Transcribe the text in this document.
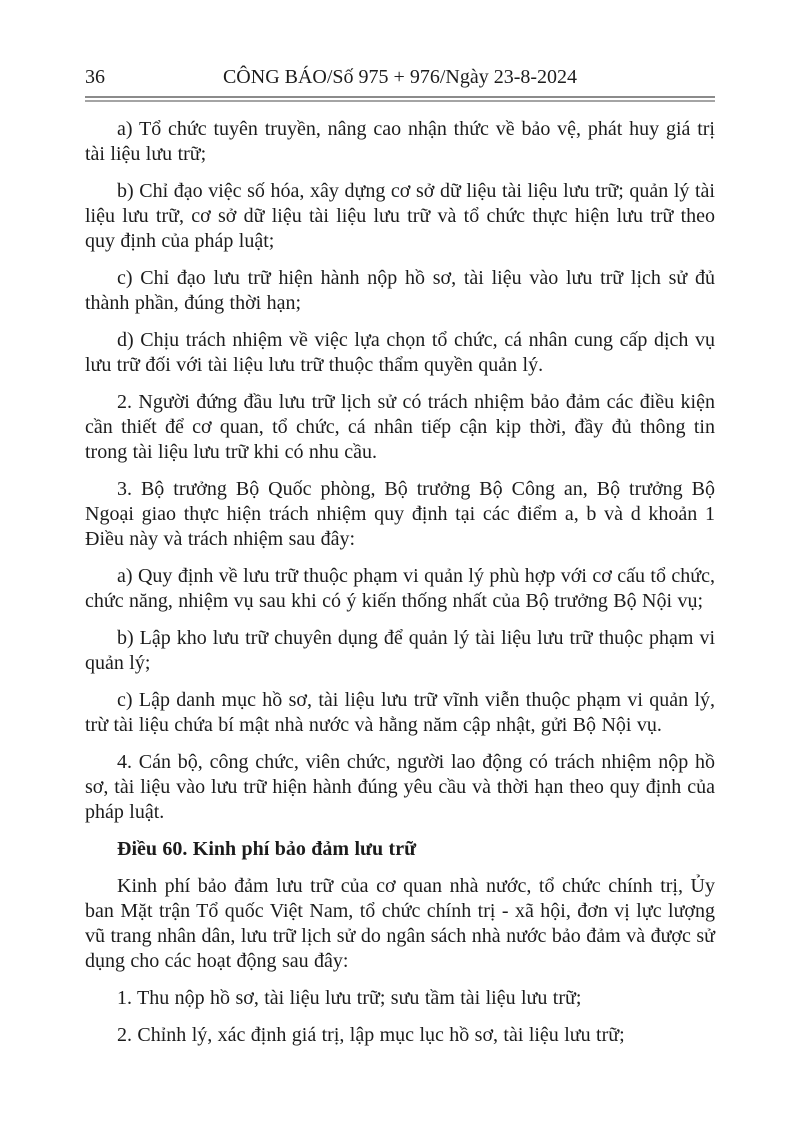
36	CÔNG BÁO/Số 975 + 976/Ngày 23-8-2024

a) Tổ chức tuyên truyền, nâng cao nhận thức về bảo vệ, phát huy giá trị tài liệu lưu trữ;

b) Chỉ đạo việc số hóa, xây dựng cơ sở dữ liệu tài liệu lưu trữ; quản lý tài liệu lưu trữ, cơ sở dữ liệu tài liệu lưu trữ và tổ chức thực hiện lưu trữ theo quy định của pháp luật;

c) Chỉ đạo lưu trữ hiện hành nộp hồ sơ, tài liệu vào lưu trữ lịch sử đủ thành phần, đúng thời hạn;

d) Chịu trách nhiệm về việc lựa chọn tổ chức, cá nhân cung cấp dịch vụ lưu trữ đối với tài liệu lưu trữ thuộc thẩm quyền quản lý.

2. Người đứng đầu lưu trữ lịch sử có trách nhiệm bảo đảm các điều kiện cần thiết để cơ quan, tổ chức, cá nhân tiếp cận kịp thời, đầy đủ thông tin trong tài liệu lưu trữ khi có nhu cầu.

3. Bộ trưởng Bộ Quốc phòng, Bộ trưởng Bộ Công an, Bộ trưởng Bộ Ngoại giao thực hiện trách nhiệm quy định tại các điểm a, b và d khoản 1 Điều này và trách nhiệm sau đây:

a) Quy định về lưu trữ thuộc phạm vi quản lý phù hợp với cơ cấu tổ chức, chức năng, nhiệm vụ sau khi có ý kiến thống nhất của Bộ trưởng Bộ Nội vụ;

b) Lập kho lưu trữ chuyên dụng để quản lý tài liệu lưu trữ thuộc phạm vi quản lý;

c) Lập danh mục hồ sơ, tài liệu lưu trữ vĩnh viễn thuộc phạm vi quản lý, trừ tài liệu chứa bí mật nhà nước và hằng năm cập nhật, gửi Bộ Nội vụ.

4. Cán bộ, công chức, viên chức, người lao động có trách nhiệm nộp hồ sơ, tài liệu vào lưu trữ hiện hành đúng yêu cầu và thời hạn theo quy định của pháp luật.

Điều 60. Kinh phí bảo đảm lưu trữ

Kinh phí bảo đảm lưu trữ của cơ quan nhà nước, tổ chức chính trị, Ủy ban Mặt trận Tổ quốc Việt Nam, tổ chức chính trị - xã hội, đơn vị lực lượng vũ trang nhân dân, lưu trữ lịch sử do ngân sách nhà nước bảo đảm và được sử dụng cho các hoạt động sau đây:

1. Thu nộp hồ sơ, tài liệu lưu trữ; sưu tầm tài liệu lưu trữ;

2. Chỉnh lý, xác định giá trị, lập mục lục hồ sơ, tài liệu lưu trữ;
